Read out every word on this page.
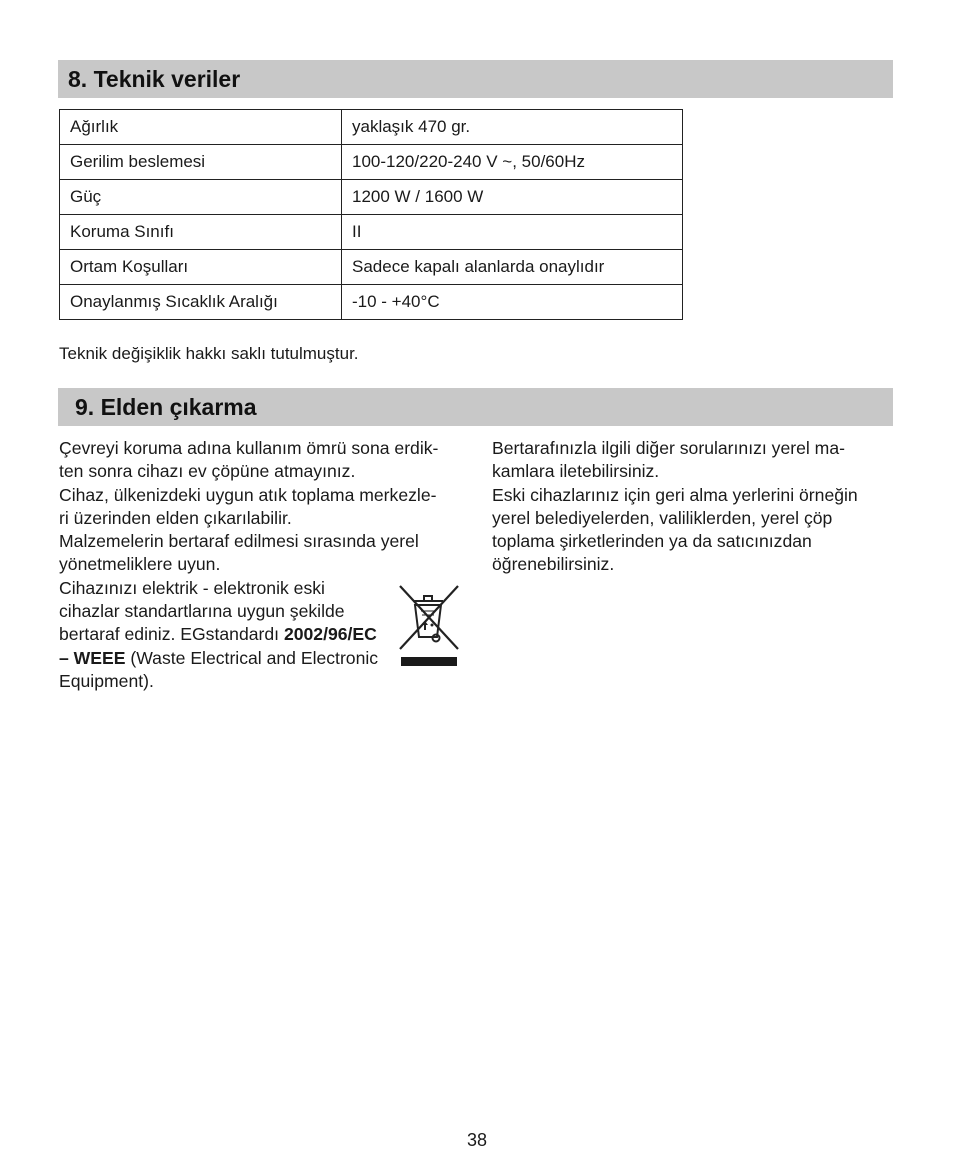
8. Teknik veriler
Ağırlık	yaklaşık 470 gr.
Gerilim beslemesi	100-120/220-240 V ~, 50/60Hz
Güç	1200 W / 1600 W
Koruma Sınıfı	II
Ortam Koşulları	Sadece kapalı alanlarda onaylıdır
Onaylanmış Sıcaklık Aralığı	-10 - +40°C
Teknik değişiklik hakkı saklı tutulmuştur.
9. Elden çıkarma

Çevreyi koruma adına kullanım ömrü sona erdik-

ten sonra cihazı ev çöpüne atmayınız.

Cihaz, ülkenizdeki uygun atık toplama merkezle-

ri üzerinden elden çıkarılabilir.

Malzemelerin bertaraf edilmesi sırasında yerel

yönetmeliklere uyun.

Cihazınızı elektrik - elektronik eski

cihazlar standartlarına uygun şekilde

bertaraf ediniz. EGstandardı 2002/96/EC

– WEEE (Waste Electrical and Electronic

Equipment).

Bertarafınızla ilgili diğer sorularınızı yerel ma-

kamlara iletebilirsiniz.

Eski cihazlarınız için geri alma yerlerini örneğin

yerel belediyelerden, valiliklerden, yerel çöp

toplama şirketlerinden ya da satıcınızdan

öğrenebilirsiniz.

38
